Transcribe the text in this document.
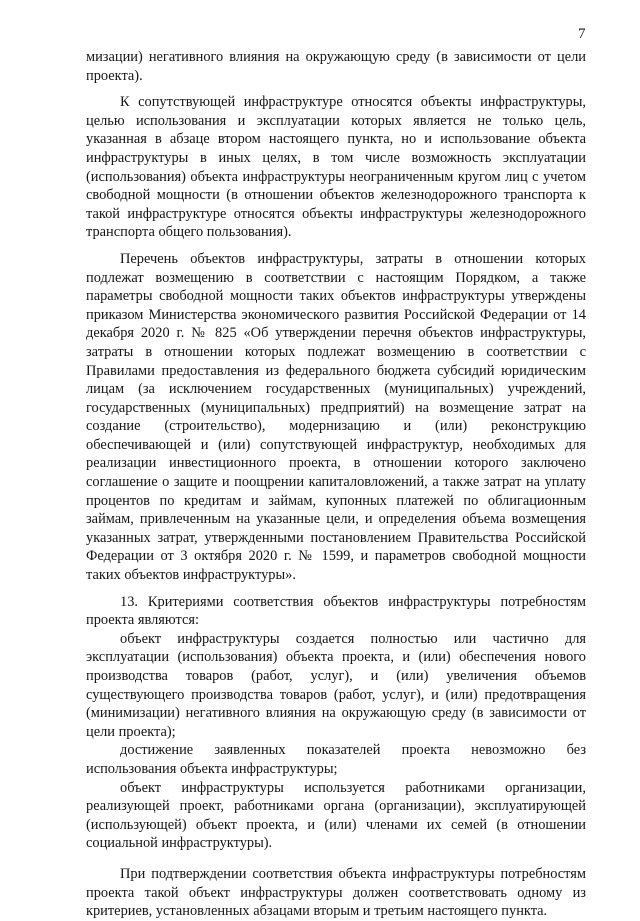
7

мизации) негативного влияния на окружающую среду (в зависимости от цели проекта).

К сопутствующей инфраструктуре относятся объекты инфраструктуры, целью использования и эксплуатации которых является не только цель, указанная в абзаце втором настоящего пункта, но и использование объекта инфраструктуры в иных целях, в том числе возможность эксплуатации (использования) объекта инфраструктуры неограниченным кругом лиц с учетом свободной мощности (в отношении объектов железнодорожного транспорта к такой инфраструктуре относятся объекты инфраструктуры железнодорожного транспорта общего пользования).

Перечень объектов инфраструктуры, затраты в отношении которых подлежат возмещению в соответствии с настоящим Порядком, а также параметры свободной мощности таких объектов инфраструктуры утверждены приказом Министерства экономического развития Российской Федерации от 14 декабря 2020 г. № 825 «Об утверждении перечня объектов инфраструктуры, затраты в отношении которых подлежат возмещению в соответствии с Правилами предоставления из федерального бюджета субсидий юридическим лицам (за исключением государственных (муниципальных) учреждений, государственных (муниципальных) предприятий) на возмещение затрат на создание (строительство), модернизацию и (или) реконструкцию обеспечивающей и (или) сопутствующей инфраструктур, необходимых для реализации инвестиционного проекта, в отношении которого заключено соглашение о защите и поощрении капиталовложений, а также затрат на уплату процентов по кредитам и займам, купонных платежей по облигационным займам, привлеченным на указанные цели, и определения объема возмещения указанных затрат, утвержденными постановлением Правительства Российской Федерации от 3 октября 2020 г. № 1599, и параметров свободной мощности таких объектов инфраструктуры».

13. Критериями соответствия объектов инфраструктуры потребностям проекта являются:

объект инфраструктуры создается полностью или частично для эксплуатации (использования) объекта проекта, и (или) обеспечения нового производства товаров (работ, услуг), и (или) увеличения объемов существующего производства товаров (работ, услуг), и (или) предотвращения (минимизации) негативного влияния на окружающую среду (в зависимости от цели проекта);

достижение заявленных показателей проекта невозможно без использования объекта инфраструктуры;

объект инфраструктуры используется работниками организации, реализующей проект, работниками органа (организации), эксплуатирующей (использующей) объект проекта, и (или) членами их семей (в отношении социальной инфраструктуры).

При подтверждении соответствия объекта инфраструктуры потребностям проекта такой объект инфраструктуры должен соответствовать одному из критериев, установленных абзацами вторым и третьим настоящего пункта.
